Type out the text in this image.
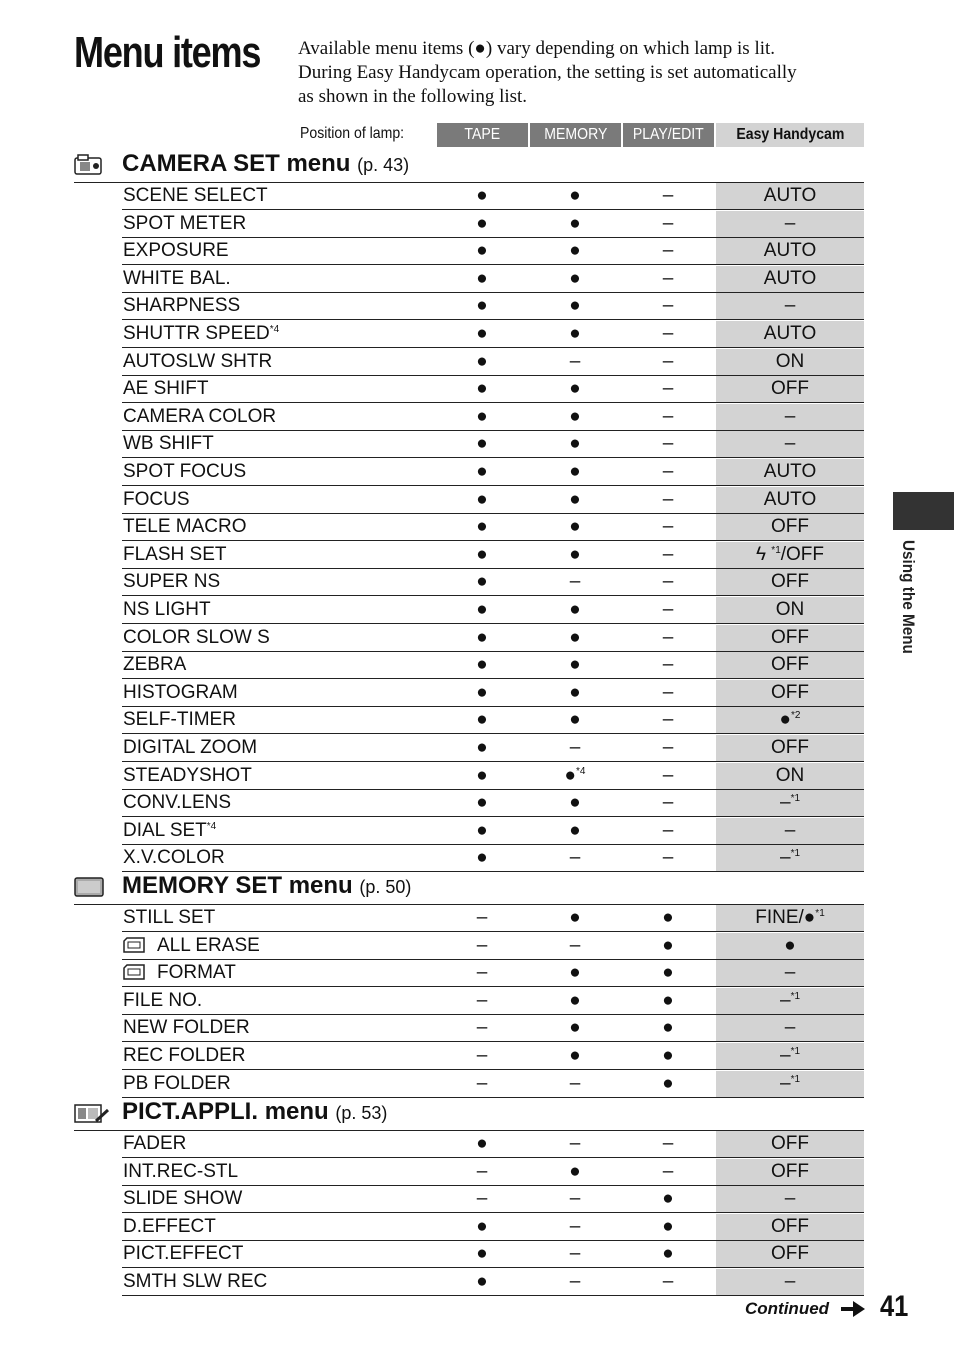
Menu items Available menu items (●) vary depending on which lamp is lit.

During Easy Handycam operation, the setting is set automatically

as shown in the following list.

Position of lamp:	TAPE	MEMORY	PLAY/EDIT	Easy Handycam
CAMERA SET menu (p. 43)
SCENE SELECT	●	●	–	AUTO
SPOT METER	●	●	–	–
EXPOSURE	●	●	–	AUTO
WHITE BAL.	●	●	–	AUTO
SHARPNESS	●	●	–	–
SHUTTR SPEED$^{*4}$	●	●	–	AUTO
AUTOSLW SHTR	●	–	–	ON
AE SHIFT	●	●	–	OFF
CAMERA COLOR	●	●	–	–
WB SHIFT	●	●	–	–
SPOT FOCUS	●	●	–	AUTO
FOCUS	●	●	–	AUTO
TELE MACRO	●	●	–	OFF
FLASH SET	●	●	–	ϟ $^{*1}$/OFF
SUPER NS	●	–	–	OFF
NS LIGHT	●	●	–	ON
COLOR SLOW S	●	●	–	OFF
ZEBRA	●	●	–	OFF
HISTOGRAM	●	●	–	OFF
SELF-TIMER	●	●	–	●$^{*2}$
DIGITAL ZOOM	●	–	–	OFF
STEADYSHOT	●	●$^{*4}$	–	ON
CONV.LENS	●	●	–	–$^{*1}$
DIAL SET$^{*4}$	●	●	–	–
X.V.COLOR	●	–	–	–$^{*1}$
MEMORY SET menu (p. 50)
STILL SET	–	●	●	FINE/●$^{*1}$
ALL ERASE	–	–	●	●
FORMAT	–	●	●	–
FILE NO.	–	●	●	–$^{*1}$
NEW FOLDER	–	●	●	–
REC FOLDER	–	●	●	–$^{*1}$
PB FOLDER	–	–	●	–$^{*1}$
PICT.APPLI. menu (p. 53)
FADER	●	–	–	OFF
INT.REC-STL	–	●	–	OFF
SLIDE SHOW	–	–	●	–
D.EFFECT	●	–	●	OFF
PICT.EFFECT	●	–	●	OFF
SMTH SLW REC	●	–	–	–
Using the Menu
Continued 41
